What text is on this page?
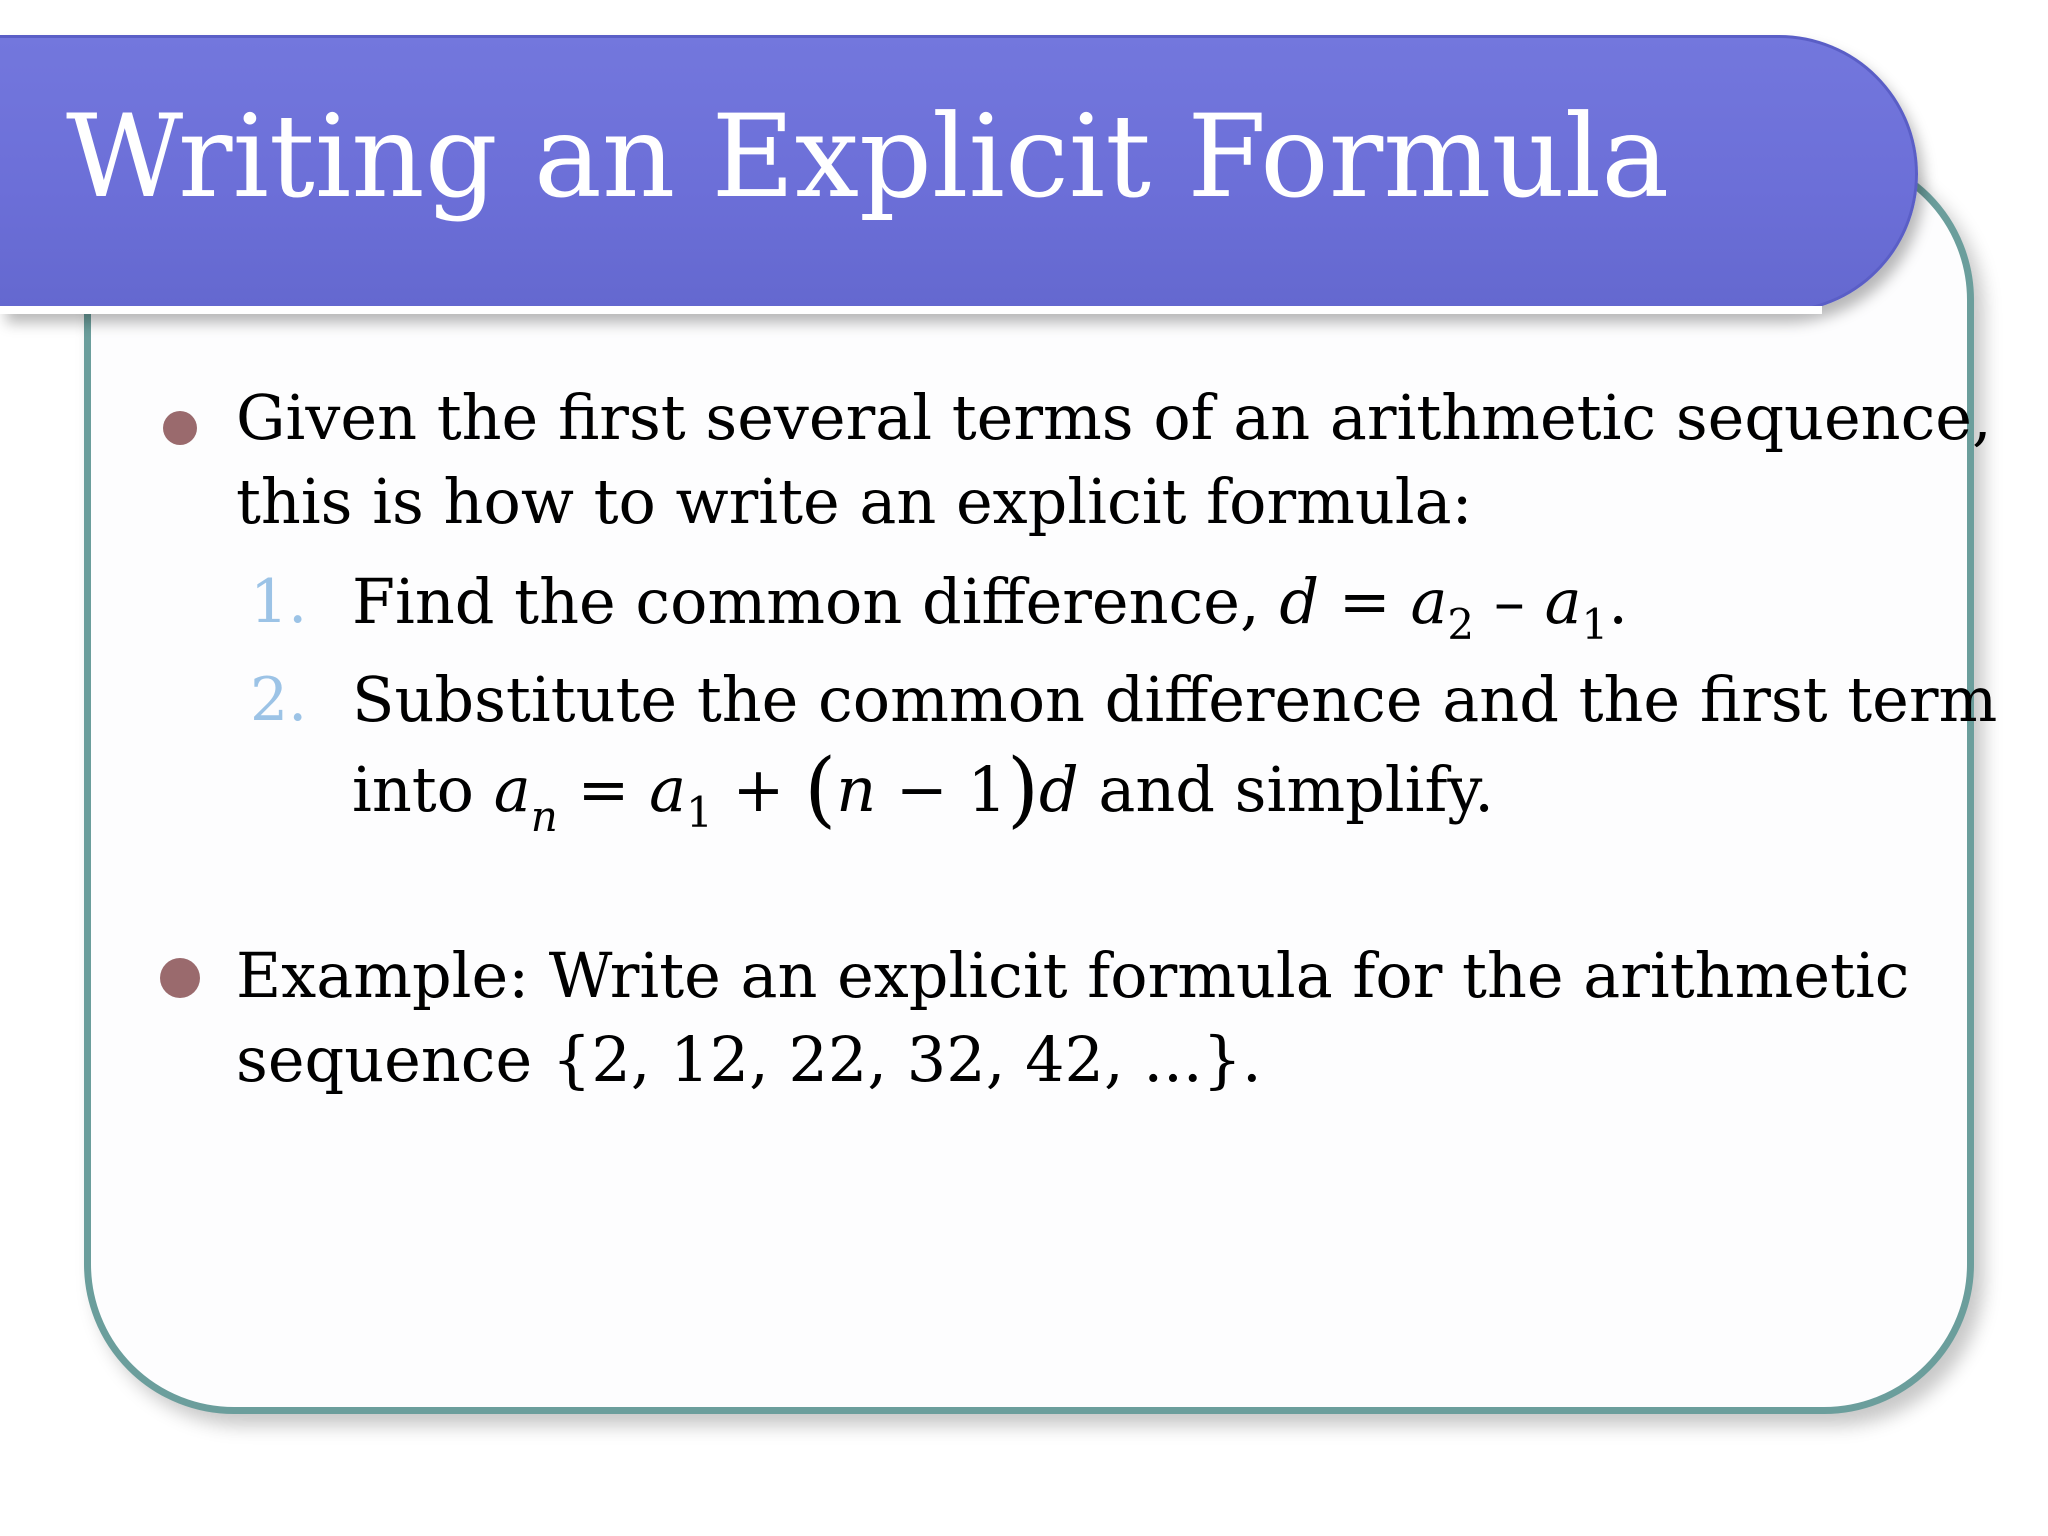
Writing an Explicit Formula
Given the first several terms of an arithmetic sequence,
this is how to write an explicit formula:
1. Find the common difference, $d = a_2 - a_1$.
2. Substitute the common difference and the first term
into $a_n = a_1 + (n - 1)d$ and simplify.
Example: Write an explicit formula for the arithmetic
sequence {2, 12, 22, 32, 42, ...}.
